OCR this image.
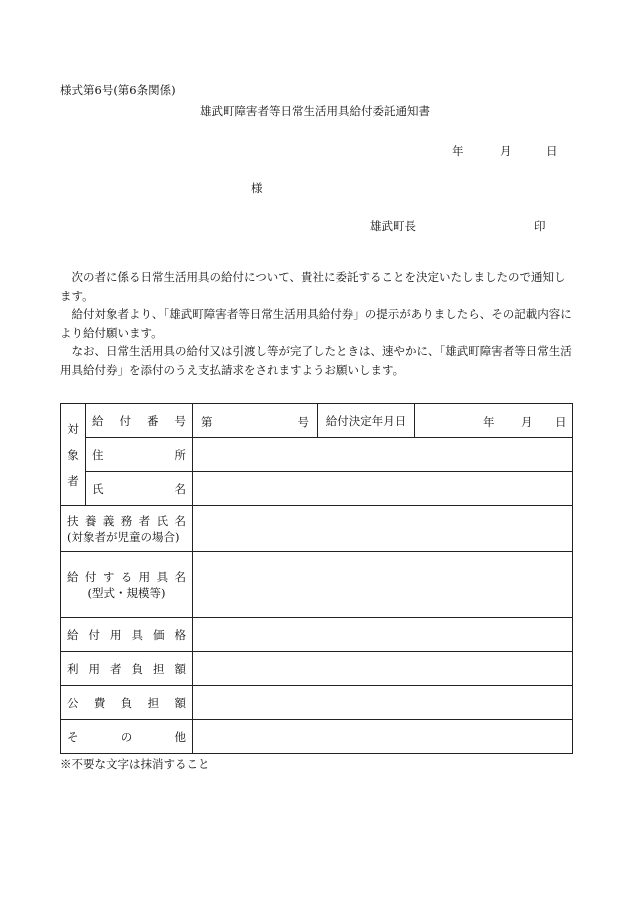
様式第6号(第6条関係)
雄武町障害者等日常生活用具給付委託通知書
年	月	日
様
雄武町長	印

次の者に係る日常生活用具の給付について、貴社に委託することを決定いたしましたので通知します。

給付対象者より、「雄武町障害者等日常生活用具給付券」の提示がありましたら、その記載内容により給付願います。

なお、日常生活用具の給付又は引渡し等が完了したときは、速やかに、「雄武町障害者等日常生活用具給付券」を添付のうえ支払請求をされますようお願いします。

対
象
者	給付番号	第 号	給付決定年月日	年 月 日

	住所			
	氏名			

扶養義務者氏名
(対象者が児童の場合)				

給付する用具名
(型式・規模等)				

給付用具価格				
利用者負担額				
公費負担額				
その他				
※不要な文字は抹消すること
